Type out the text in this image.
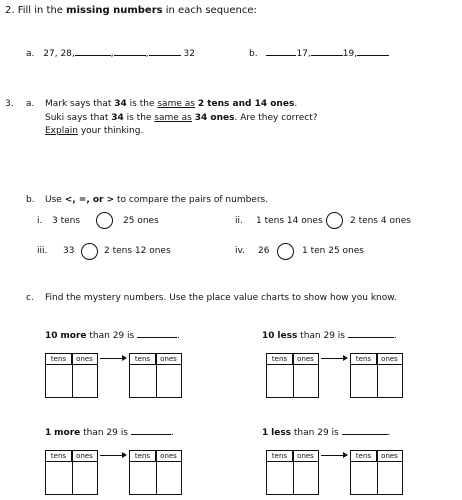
2. Fill in the missing numbers in each sequence:
a. 27, 28,	,	,	32	b.	17,	19,
3. a. Mark says that 34 is the same as 2 tens and 14 ones.
Suki says that 34 is the same as 34 ones. Are they correct?
Explain your thinking.
b. Use <, =, or > to compare the pairs of numbers.
i. 3 tens	25 ones	ii. 1 tens 14 ones	2 tens 4 ones
iii. 33	2 tens 12 ones	iv. 26	1 ten 25 ones
c. Find the mystery numbers. Use the place value charts to show how you know.
10 more than 29 is	.	10 less than 29 is	.
1 more than 29 is	.	1 less than 29 is	.
tens	ones	tens	ones	tens	ones	tens	ones
tens	ones	tens	ones	tens	ones	tens	ones
